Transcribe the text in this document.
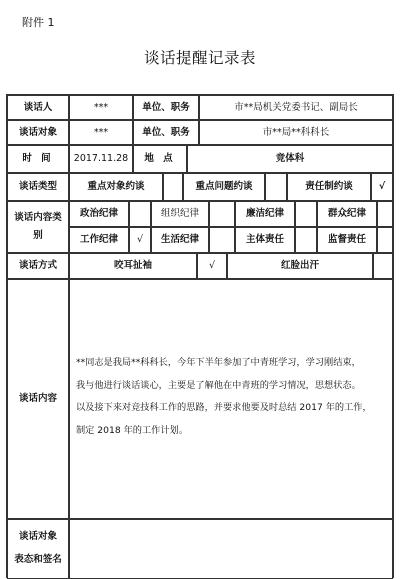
附件 1
谈话提醒记录表
谈话人	***	单位、职务	市**局机关党委书记、副局长
谈话对象	***	单位、职务	市**局**科科长
时 间	2017.11.28	地 点	竞体科
谈话类型	重点对象约谈	重点问题约谈	责任制约谈	√
谈话内容类别
政治纪律	组织纪律	廉洁纪律	群众纪律
工作纪律	√	生活纪律	主体责任	监督责任
谈话方式	咬耳扯袖	√	红脸出汗
谈话内容

**同志是我局**科科长，今年下半年参加了中青班学习，学习刚结束，

我与他进行谈话谈心，主要是了解他在中青班的学习情况，思想状态。

以及接下来对竞技科工作的思路，并要求他要及时总结 2017 年的工作，

制定 2018 年的工作计划。

谈话对象
表态和签名
